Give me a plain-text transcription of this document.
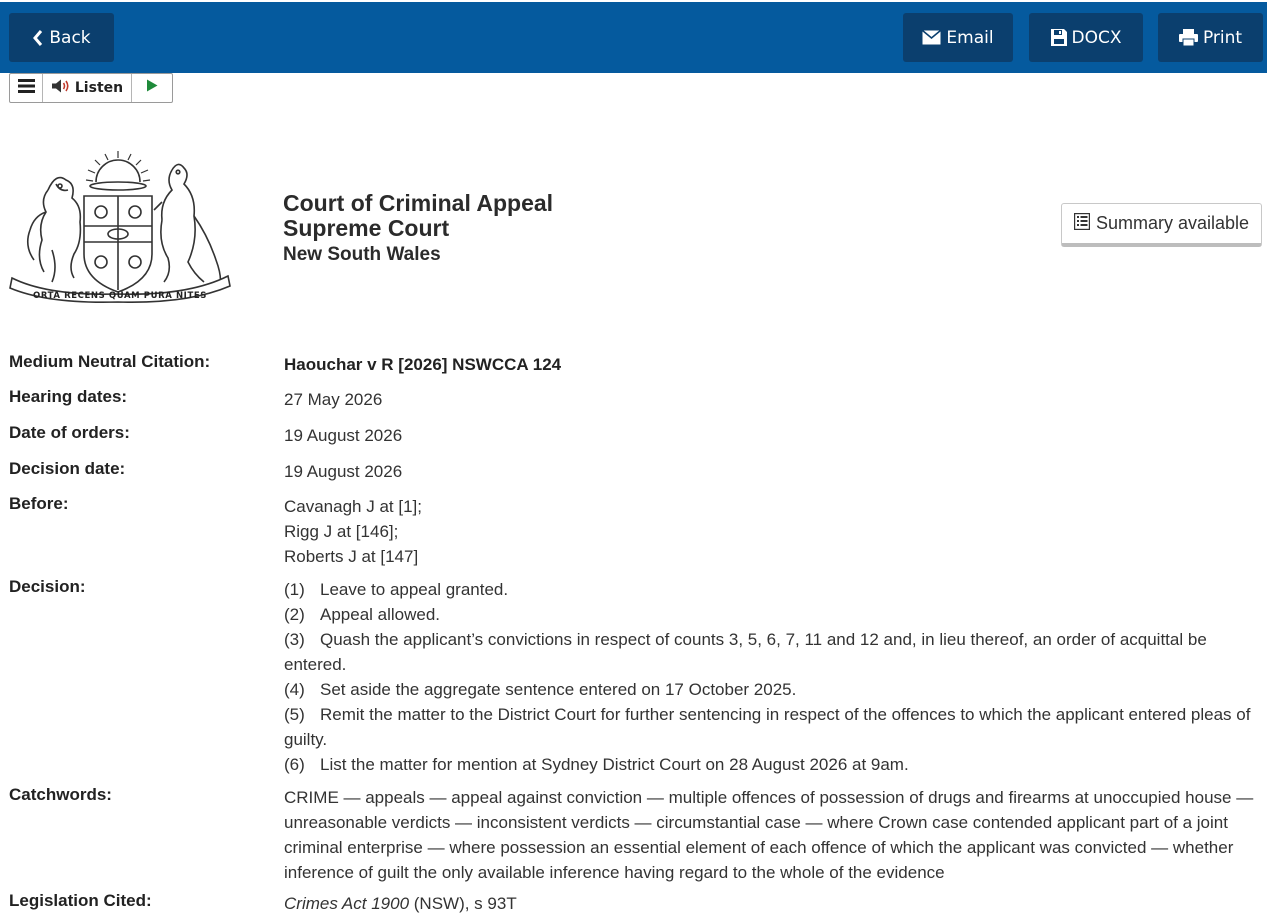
Back	Email	DOCX	Print
Listen
ORTA RECENS QUAM PURA NITES
Court of Criminal Appeal
Supreme Court
New South Wales
Summary available
Medium Neutral Citation:	Haouchar v R [2026] NSWCCA 124
Hearing dates:	27 May 2026
Date of orders:	19 August 2026
Decision date:	19 August 2026
Before:	Cavanagh J at [1];
Rigg J at [146];
Roberts J at [147]
Decision:	(1) Leave to appeal granted.
(2) Appeal allowed.
(3) Quash the applicant’s convictions in respect of counts 3, 5, 6, 7, 11 and 12 and, in lieu thereof, an order of acquittal be entered.
(4) Set aside the aggregate sentence entered on 17 October 2025.
(5) Remit the matter to the District Court for further sentencing in respect of the offences to which the applicant entered pleas of guilty.
(6) List the matter for mention at Sydney District Court on 28 August 2026 at 9am.
Catchwords:	CRIME — appeals — appeal against conviction — multiple offences of possession of drugs and firearms at unoccupied house — unreasonable verdicts — inconsistent verdicts — circumstantial case — where Crown case contended applicant part of a joint criminal enterprise — where possession an essential element of each offence of which the applicant was convicted — whether inference of guilt the only available inference having regard to the whole of the evidence
Legislation Cited:	Crimes Act 1900 (NSW), s 93T
